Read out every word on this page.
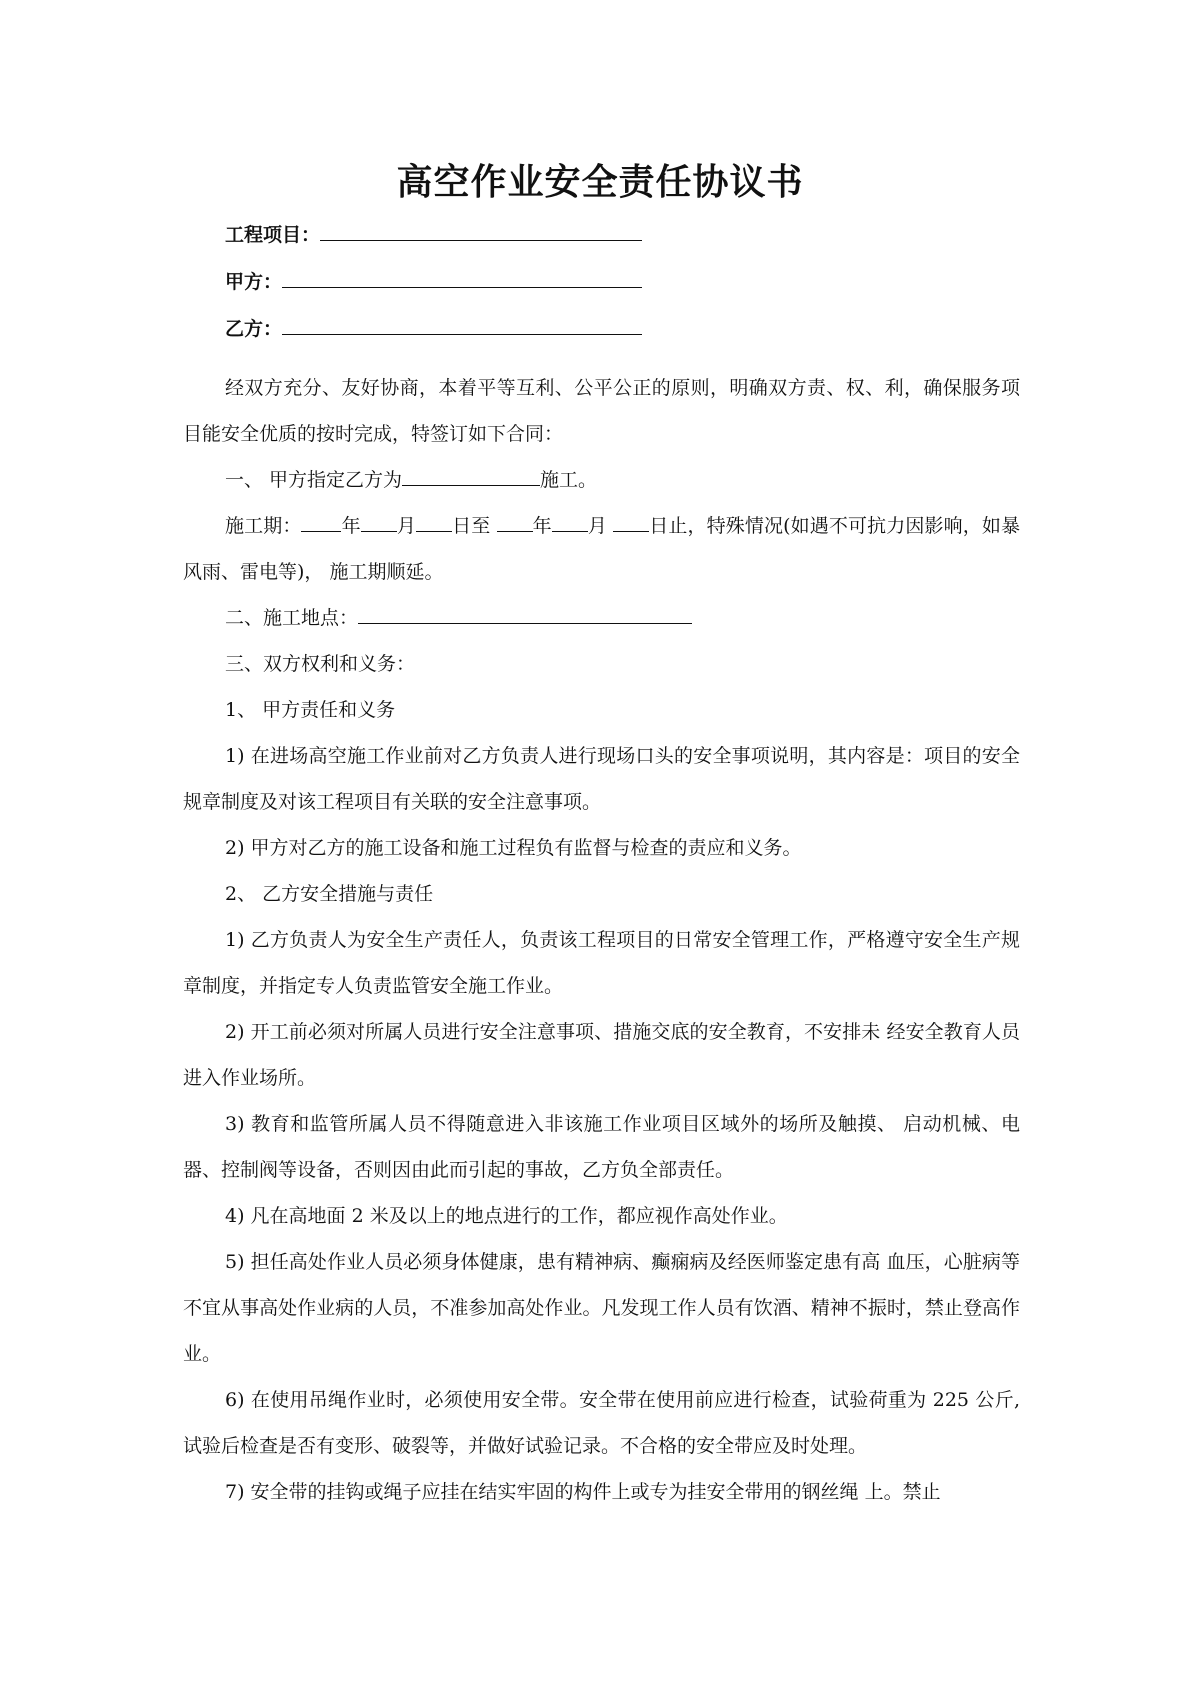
高空作业安全责任协议书
工程项目：
甲方：
乙方：

经双方充分、友好协商，本着平等互利、公平公正的原则，明确双方责、权、利，确保服务项目能安全优质的按时完成，特签订如下合同：

一、 甲方指定乙方为	施工。

施工期： 年 月 日至 年 月 日止，特殊情况(如遇不可抗力因影响，如暴风雨、雷电等)， 施工期顺延。

二、施工地点：

三、双方权利和义务：

1、 甲方责任和义务

1) 在进场高空施工作业前对乙方负责人进行现场口头的安全事项说明，其内容是：项目的安全规章制度及对该工程项目有关联的安全注意事项。

2) 甲方对乙方的施工设备和施工过程负有监督与检查的责应和义务。

2、 乙方安全措施与责任

1) 乙方负责人为安全生产责任人，负责该工程项目的日常安全管理工作，严格遵守安全生产规章制度，并指定专人负责监管安全施工作业。

2) 开工前必须对所属人员进行安全注意事项、措施交底的安全教育，不安排未 经安全教育人员进入作业场所。

3) 教育和监管所属人员不得随意进入非该施工作业项目区域外的场所及触摸、 启动机械、电器、控制阀等设备，否则因由此而引起的事故，乙方负全部责任。

4) 凡在高地面 2 米及以上的地点进行的工作，都应视作高处作业。

5) 担任高处作业人员必须身体健康，患有精神病、癫痫病及经医师鉴定患有高 血压，心脏病等不宜从事高处作业病的人员，不准参加高处作业。凡发现工作人员有饮酒、精神不振时，禁止登高作业。

6) 在使用吊绳作业时，必须使用安全带。安全带在使用前应进行检查，试验荷重为 225 公斤,试验后检查是否有变形、破裂等，并做好试验记录。不合格的安全带应及时处理。

7) 安全带的挂钩或绳子应挂在结实牢固的构件上或专为挂安全带用的钢丝绳 上。禁止
